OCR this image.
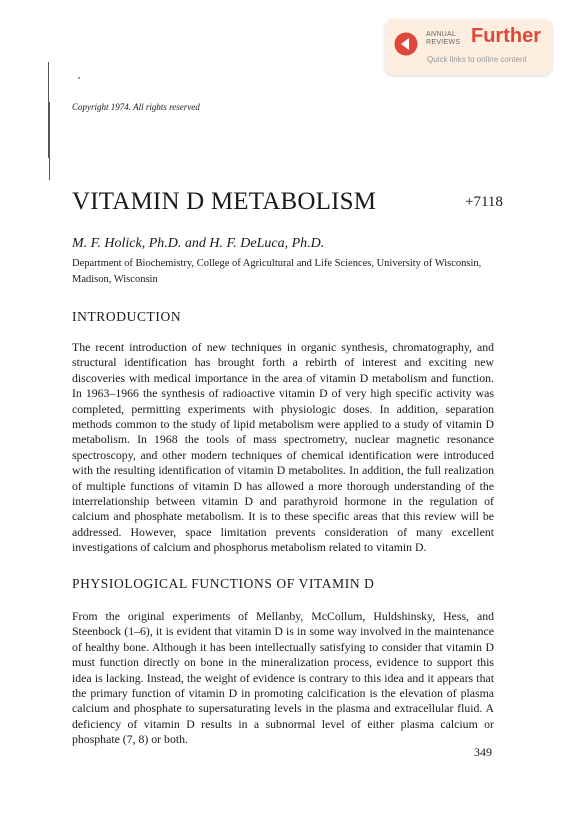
ANNUAL
REVIEWS Further
Quick links to online content
Copyright 1974. All rights reserved
VITAMIN D METABOLISM	+7118
M. F. Holick, Ph.D. and H. F. DeLuca, Ph.D.
Department of Biochemistry, College of Agricultural and Life Sciences, University of Wisconsin, Madison, Wisconsin
INTRODUCTION
The recent introduction of new techniques in organic synthesis, chromatography, and structural identification has brought forth a rebirth of interest and exciting new discoveries with medical importance in the area of vitamin D metabolism and function. In 1963–1966 the synthesis of radioactive vitamin D of very high specific activity was completed, permitting experiments with physiologic doses. In addition, separation methods common to the study of lipid metabolism were applied to a study of vitamin D metabolism. In 1968 the tools of mass spectrometry, nuclear magnetic resonance spectroscopy, and other modern techniques of chemical identification were introduced with the resulting identification of vitamin D metabolites. In addition, the full realization of multiple functions of vitamin D has allowed a more thorough understanding of the interrelationship between vitamin D and parathyroid hormone in the regulation of calcium and phosphate metabolism. It is to these specific areas that this review will be addressed. However, space limitation prevents consideration of many excellent investigations of calcium and phosphorus metabolism related to vitamin D.
PHYSIOLOGICAL FUNCTIONS OF VITAMIN D
From the original experiments of Mellanby, McCollum, Huldshinsky, Hess, and Steenbock (1–6), it is evident that vitamin D is in some way involved in the maintenance of healthy bone. Although it has been intellectually satisfying to consider that vitamin D must function directly on bone in the mineralization process, evidence to support this idea is lacking. Instead, the weight of evidence is contrary to this idea and it appears that the primary function of vitamin D in promoting calcification is the elevation of plasma calcium and phosphate to supersaturating levels in the plasma and extracellular fluid. A deficiency of vitamin D results in a subnormal level of either plasma calcium or phosphate (7, 8) or both.
349
